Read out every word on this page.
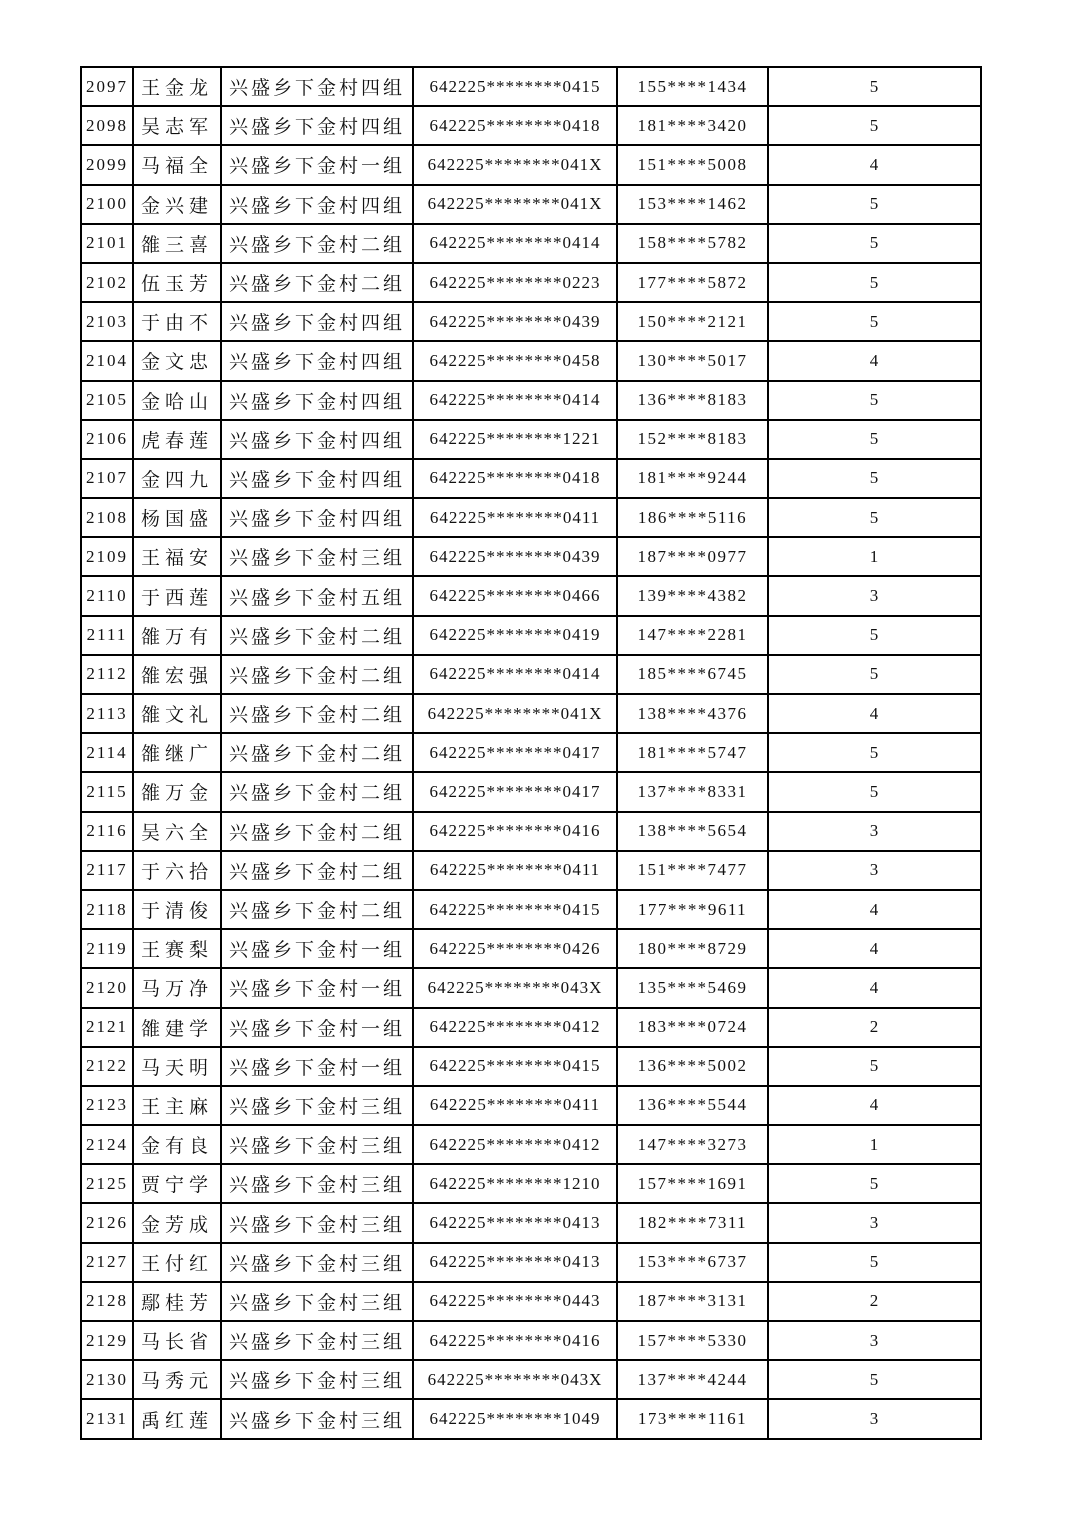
2097	王金龙	兴盛乡下金村四组	642225********0415	155****1434	5
2098	吴志军	兴盛乡下金村四组	642225********0418	181****3420	5
2099	马福全	兴盛乡下金村一组	642225********041X	151****5008	4
2100	金兴建	兴盛乡下金村四组	642225********041X	153****1462	5
2101	雒三喜	兴盛乡下金村二组	642225********0414	158****5782	5
2102	伍玉芳	兴盛乡下金村二组	642225********0223	177****5872	5
2103	于由不	兴盛乡下金村四组	642225********0439	150****2121	5
2104	金文忠	兴盛乡下金村四组	642225********0458	130****5017	4
2105	金哈山	兴盛乡下金村四组	642225********0414	136****8183	5
2106	虎春莲	兴盛乡下金村四组	642225********1221	152****8183	5
2107	金四九	兴盛乡下金村四组	642225********0418	181****9244	5
2108	杨国盛	兴盛乡下金村四组	642225********0411	186****5116	5
2109	王福安	兴盛乡下金村三组	642225********0439	187****0977	1
2110	于西莲	兴盛乡下金村五组	642225********0466	139****4382	3
2111	雒万有	兴盛乡下金村二组	642225********0419	147****2281	5
2112	雒宏强	兴盛乡下金村二组	642225********0414	185****6745	5
2113	雒文礼	兴盛乡下金村二组	642225********041X	138****4376	4
2114	雒继广	兴盛乡下金村二组	642225********0417	181****5747	5
2115	雒万金	兴盛乡下金村二组	642225********0417	137****8331	5
2116	吴六全	兴盛乡下金村二组	642225********0416	138****5654	3
2117	于六拾	兴盛乡下金村二组	642225********0411	151****7477	3
2118	于清俊	兴盛乡下金村二组	642225********0415	177****9611	4
2119	王赛梨	兴盛乡下金村一组	642225********0426	180****8729	4
2120	马万净	兴盛乡下金村一组	642225********043X	135****5469	4
2121	雒建学	兴盛乡下金村一组	642225********0412	183****0724	2
2122	马天明	兴盛乡下金村一组	642225********0415	136****5002	5
2123	王主麻	兴盛乡下金村三组	642225********0411	136****5544	4
2124	金有良	兴盛乡下金村三组	642225********0412	147****3273	1
2125	贾宁学	兴盛乡下金村三组	642225********1210	157****1691	5
2126	金芳成	兴盛乡下金村三组	642225********0413	182****7311	3
2127	王付红	兴盛乡下金村三组	642225********0413	153****6737	5
2128	鄢桂芳	兴盛乡下金村三组	642225********0443	187****3131	2
2129	马长省	兴盛乡下金村三组	642225********0416	157****5330	3
2130	马秀元	兴盛乡下金村三组	642225********043X	137****4244	5
2131	禹红莲	兴盛乡下金村三组	642225********1049	173****1161	3
